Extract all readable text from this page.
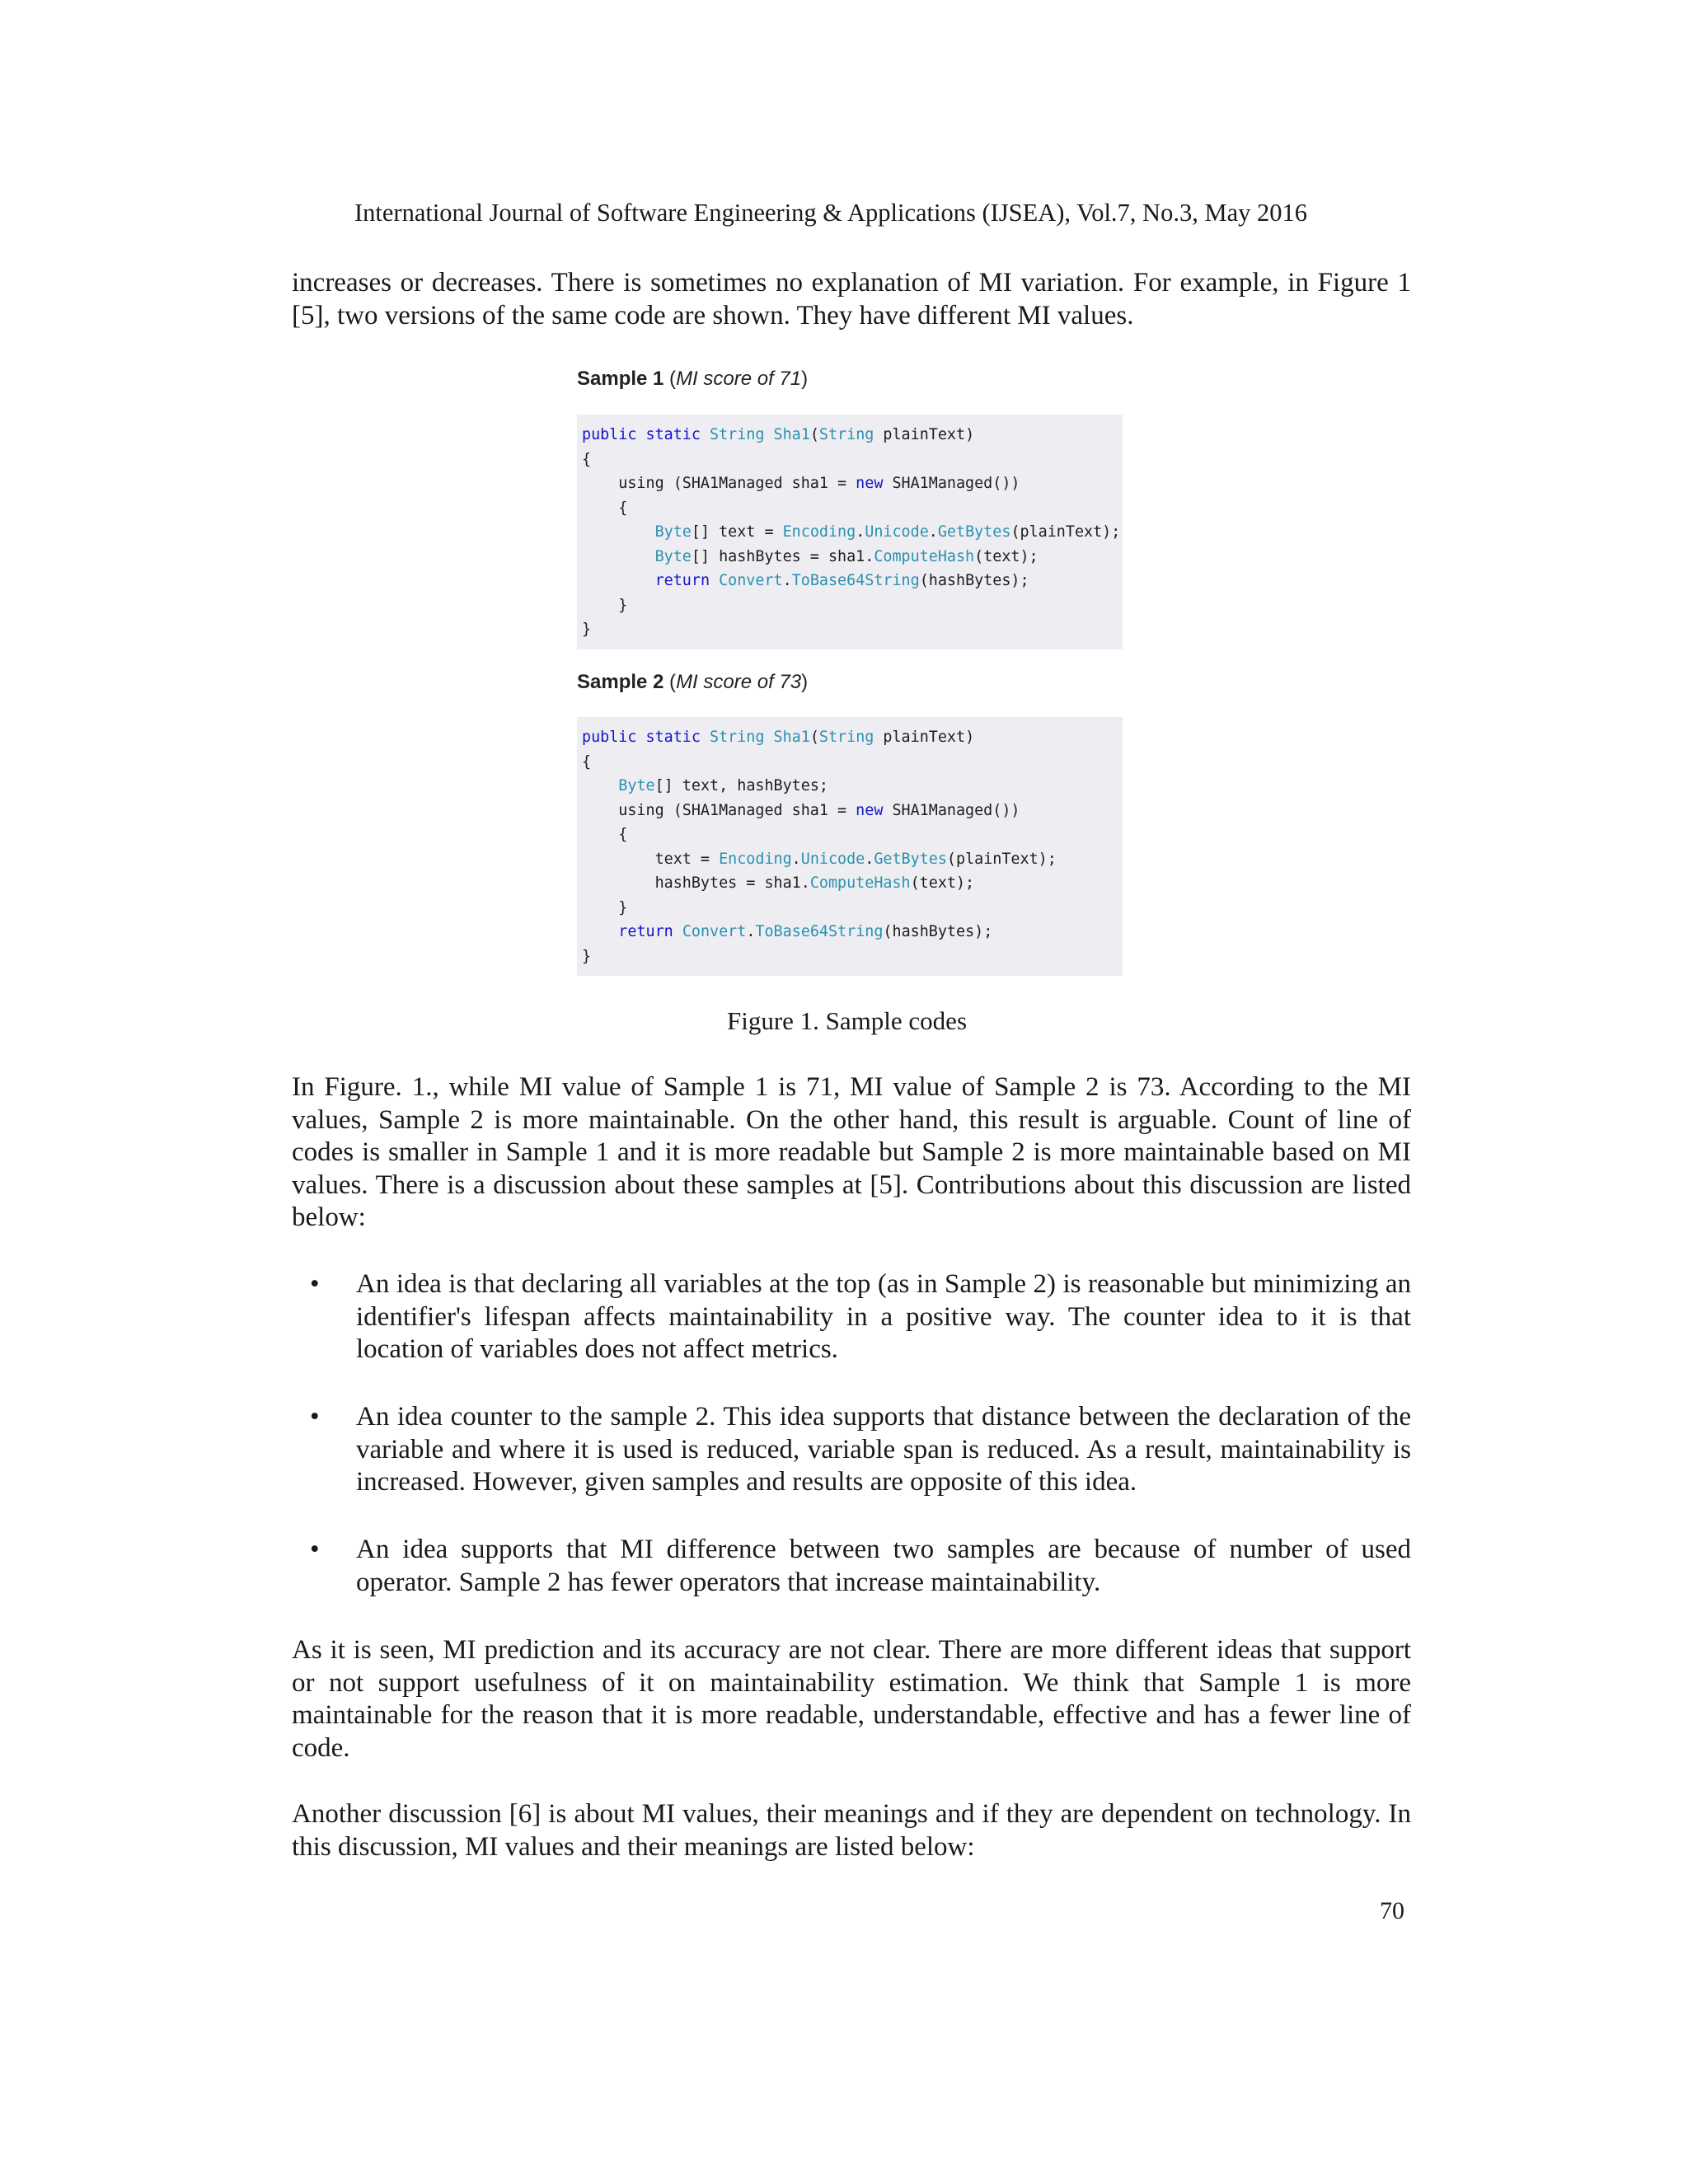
International Journal of Software Engineering & Applications (IJSEA), Vol.7, No.3, May 2016

increases or decreases. There is sometimes no explanation of MI variation. For example, in Figure 1 [5], two versions of the same code are shown. They have different MI values.

Sample 1 (MI score of 71)
public static String Sha1(String plainText)
{
using (SHA1Managed sha1 = new SHA1Managed())
{
Byte[] text = Encoding.Unicode.GetBytes(plainText);
Byte[] hashBytes = sha1.ComputeHash(text);
return Convert.ToBase64String(hashBytes);
}
}
Sample 2 (MI score of 73)
public static String Sha1(String plainText)
{
Byte[] text, hashBytes;
using (SHA1Managed sha1 = new SHA1Managed())
{
text = Encoding.Unicode.GetBytes(plainText);
hashBytes = sha1.ComputeHash(text);
}
return Convert.ToBase64String(hashBytes);
}
Figure 1. Sample codes

In Figure. 1., while MI value of Sample 1 is 71, MI value of Sample 2 is 73. According to the MI values, Sample 2 is more maintainable. On the other hand, this result is arguable. Count of line of codes is smaller in Sample 1 and it is more readable but Sample 2 is more maintainable based on MI values. There is a discussion about these samples at [5]. Contributions about this discussion are listed below:

• An idea is that declaring all variables at the top (as in Sample 2) is reasonable but minimizing an identifier's lifespan affects maintainability in a positive way. The counter idea to it is that location of variables does not affect metrics.
• An idea counter to the sample 2. This idea supports that distance between the declaration of the variable and where it is used is reduced, variable span is reduced. As a result, maintainability is increased. However, given samples and results are opposite of this idea.
• An idea supports that MI difference between two samples are because of number of used operator. Sample 2 has fewer operators that increase maintainability.

As it is seen, MI prediction and its accuracy are not clear. There are more different ideas that support or not support usefulness of it on maintainability estimation. We think that Sample 1 is more maintainable for the reason that it is more readable, understandable, effective and has a fewer line of code.

Another discussion [6] is about MI values, their meanings and if they are dependent on technology. In this discussion, MI values and their meanings are listed below:

70
